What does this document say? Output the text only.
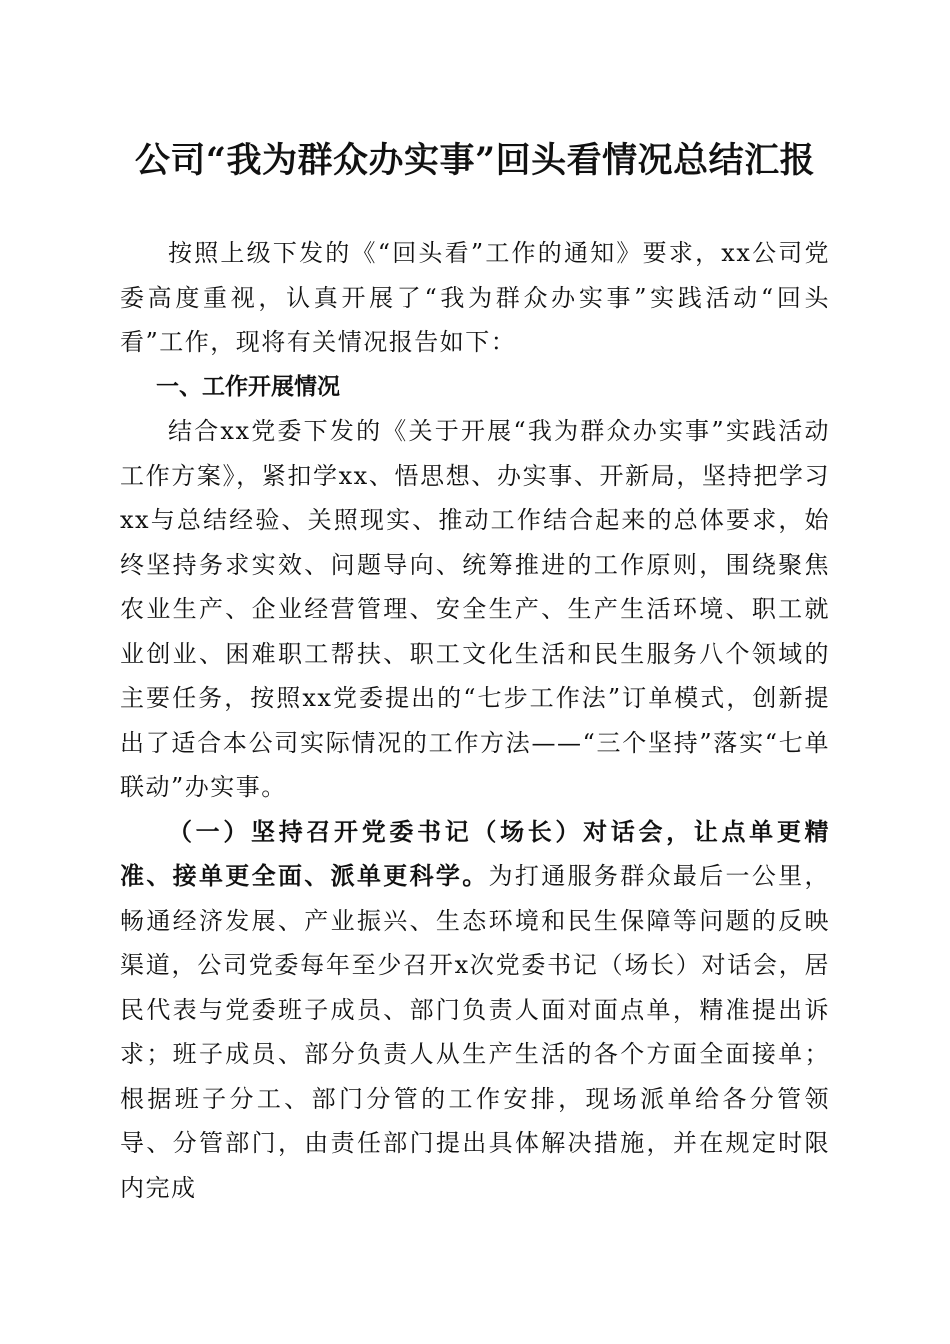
公司“我为群众办实事”回头看情况总结汇报

按照上级下发的《“回头看”工作的通知》要求，xx公司党委高度重视，认真开展了“我为群众办实事”实践活动“回头看”工作，现将有关情况报告如下：

一、工作开展情况

结合xx党委下发的《关于开展“我为群众办实事”实践活动工作方案》，紧扣学xx、悟思想、办实事、开新局，坚持把学习xx与总结经验、关照现实、推动工作结合起来的总体要求，始终坚持务求实效、问题导向、统筹推进的工作原则，围绕聚焦农业生产、企业经营管理、安全生产、生产生活环境、职工就业创业、困难职工帮扶、职工文化生活和民生服务八个领域的主要任务，按照xx党委提出的“七步工作法”订单模式，创新提出了适合本公司实际情况的工作方法——“三个坚持”落实“七单联动”办实事。

（一）坚持召开党委书记（场长）对话会，让点单更精准、接单更全面、派单更科学。为打通服务群众最后一公里，畅通经济发展、产业振兴、生态环境和民生保障等问题的反映渠道，公司党委每年至少召开x次党委书记（场长）对话会，居民代表与党委班子成员、部门负责人面对面点单，精准提出诉求；班子成员、部分负责人从生产生活的各个方面全面接单；根据班子分工、部门分管的工作安排，现场派单给各分管领导、分管部门，由责任部门提出具体解决措施，并在规定时限内完成
